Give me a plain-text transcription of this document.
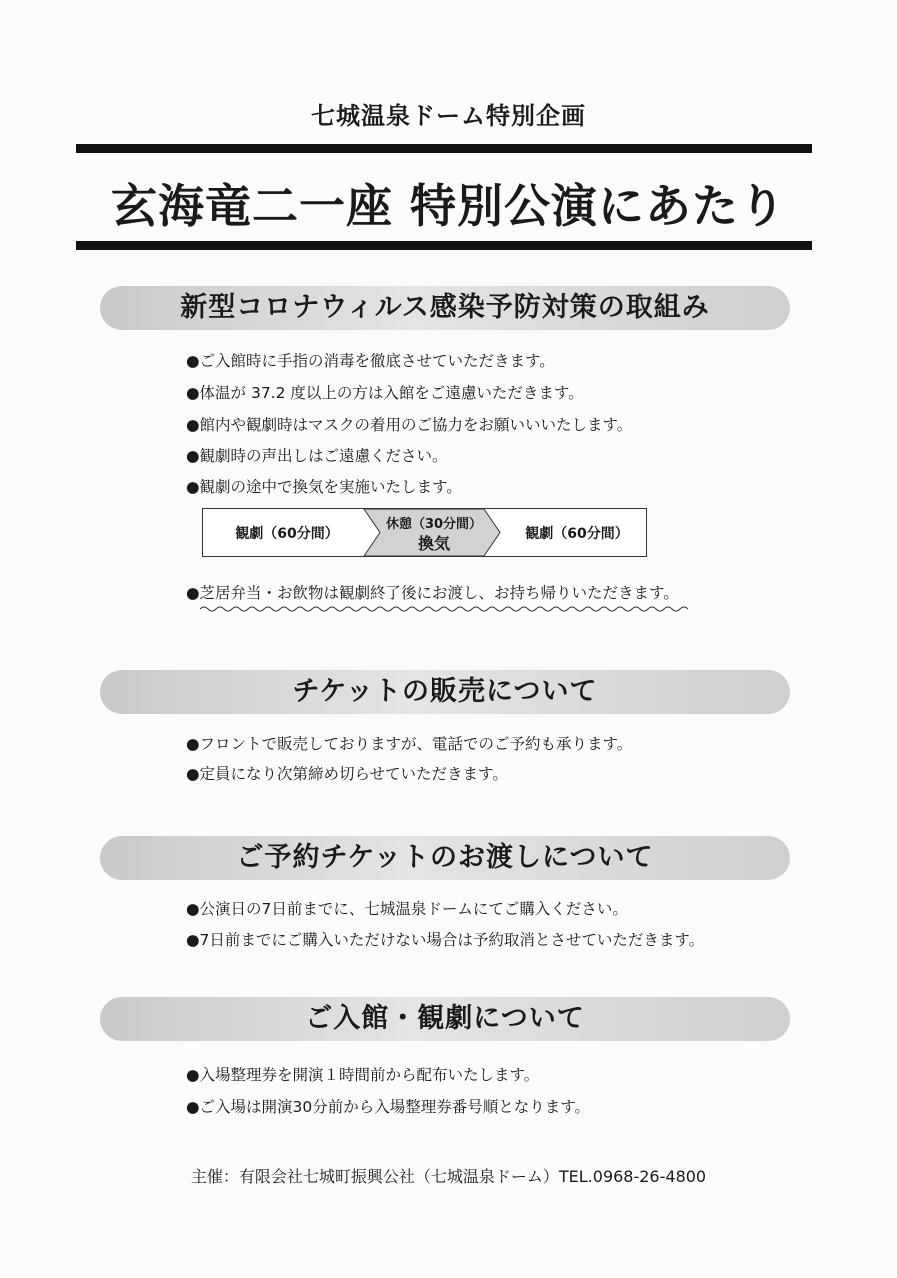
七城温泉ドーム特別企画
玄海竜二一座 特別公演にあたり
新型コロナウィルス感染予防対策の取組み
●ご入館時に手指の消毒を徹底させていただきます。
●体温が 37.2 度以上の方は入館をご遠慮いただきます。
●館内や観劇時はマスクの着用のご協力をお願いいいたします。
●観劇時の声出しはご遠慮ください。
●観劇の途中で換気を実施いたします。
観劇（60分間）
休憩（30分間）
換気	観劇（60分間）
●芝居弁当・お飲物は観劇終了後にお渡し、お持ち帰りいただきます。
チケットの販売について
●フロントで販売しておりますが、電話でのご予約も承ります。
●定員になり次第締め切らせていただきます。
ご予約チケットのお渡しについて
●公演日の7日前までに、七城温泉ドームにてご購入ください。
●7日前までにご購入いただけない場合は予約取消とさせていただきます。
ご入館・観劇について
●入場整理券を開演１時間前から配布いたします。
●ご入場は開演30分前から入場整理券番号順となります。
主催：有限会社七城町振興公社（七城温泉ドーム）TEL.0968-26-4800
